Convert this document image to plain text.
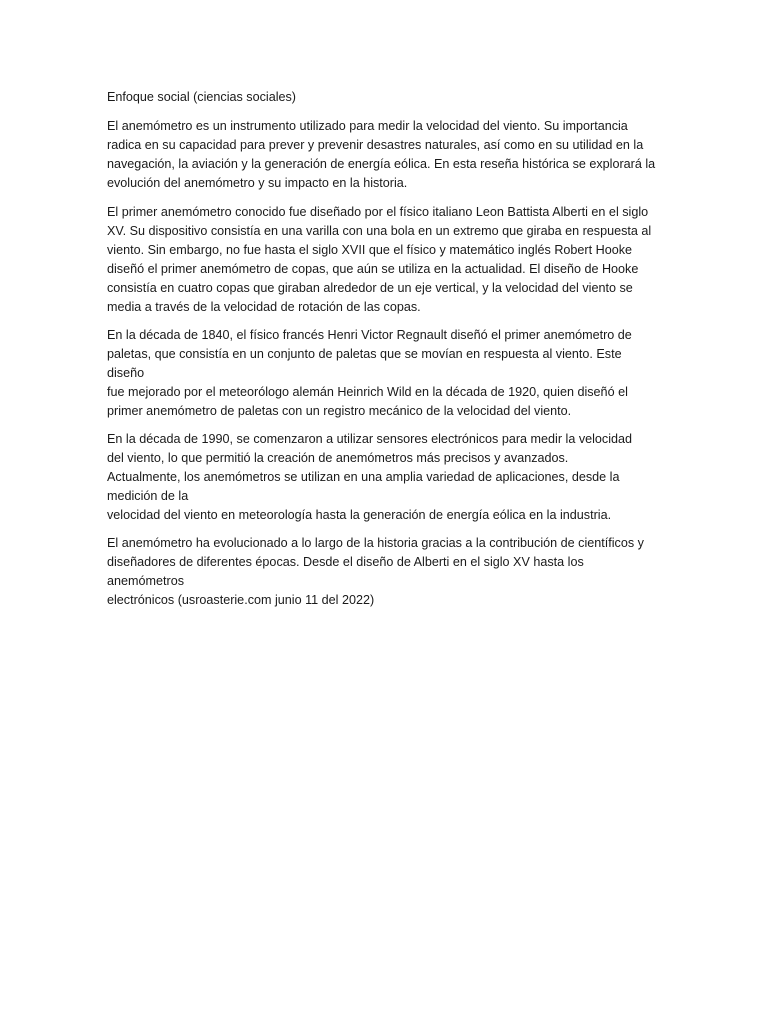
Enfoque social (ciencias sociales)

El anemómetro es un instrumento utilizado para medir la velocidad del viento. Su importancia
radica en su capacidad para prever y prevenir desastres naturales, así como en su utilidad en la
navegación, la aviación y la generación de energía eólica. En esta reseña histórica se explorará la
evolución del anemómetro y su impacto en la historia.

El primer anemómetro conocido fue diseñado por el físico italiano Leon Battista Alberti en el siglo
XV. Su dispositivo consistía en una varilla con una bola en un extremo que giraba en respuesta al
viento. Sin embargo, no fue hasta el siglo XVII que el físico y matemático inglés Robert Hooke
diseñó el primer anemómetro de copas, que aún se utiliza en la actualidad. El diseño de Hooke
consistía en cuatro copas que giraban alrededor de un eje vertical, y la velocidad del viento se
media a través de la velocidad de rotación de las copas.

En la década de 1840, el físico francés Henri Victor Regnault diseñó el primer anemómetro de
paletas, que consistía en un conjunto de paletas que se movían en respuesta al viento. Este diseño
fue mejorado por el meteorólogo alemán Heinrich Wild en la década de 1920, quien diseñó el
primer anemómetro de paletas con un registro mecánico de la velocidad del viento.

En la década de 1990, se comenzaron a utilizar sensores electrónicos para medir la velocidad
del viento, lo que permitió la creación de anemómetros más precisos y avanzados.
Actualmente, los anemómetros se utilizan en una amplia variedad de aplicaciones, desde la
medición de la
velocidad del viento en meteorología hasta la generación de energía eólica en la industria.

El anemómetro ha evolucionado a lo largo de la historia gracias a la contribución de científicos y
diseñadores de diferentes épocas. Desde el diseño de Alberti en el siglo XV hasta los anemómetros
electrónicos (usroasterie.com junio 11 del 2022)
